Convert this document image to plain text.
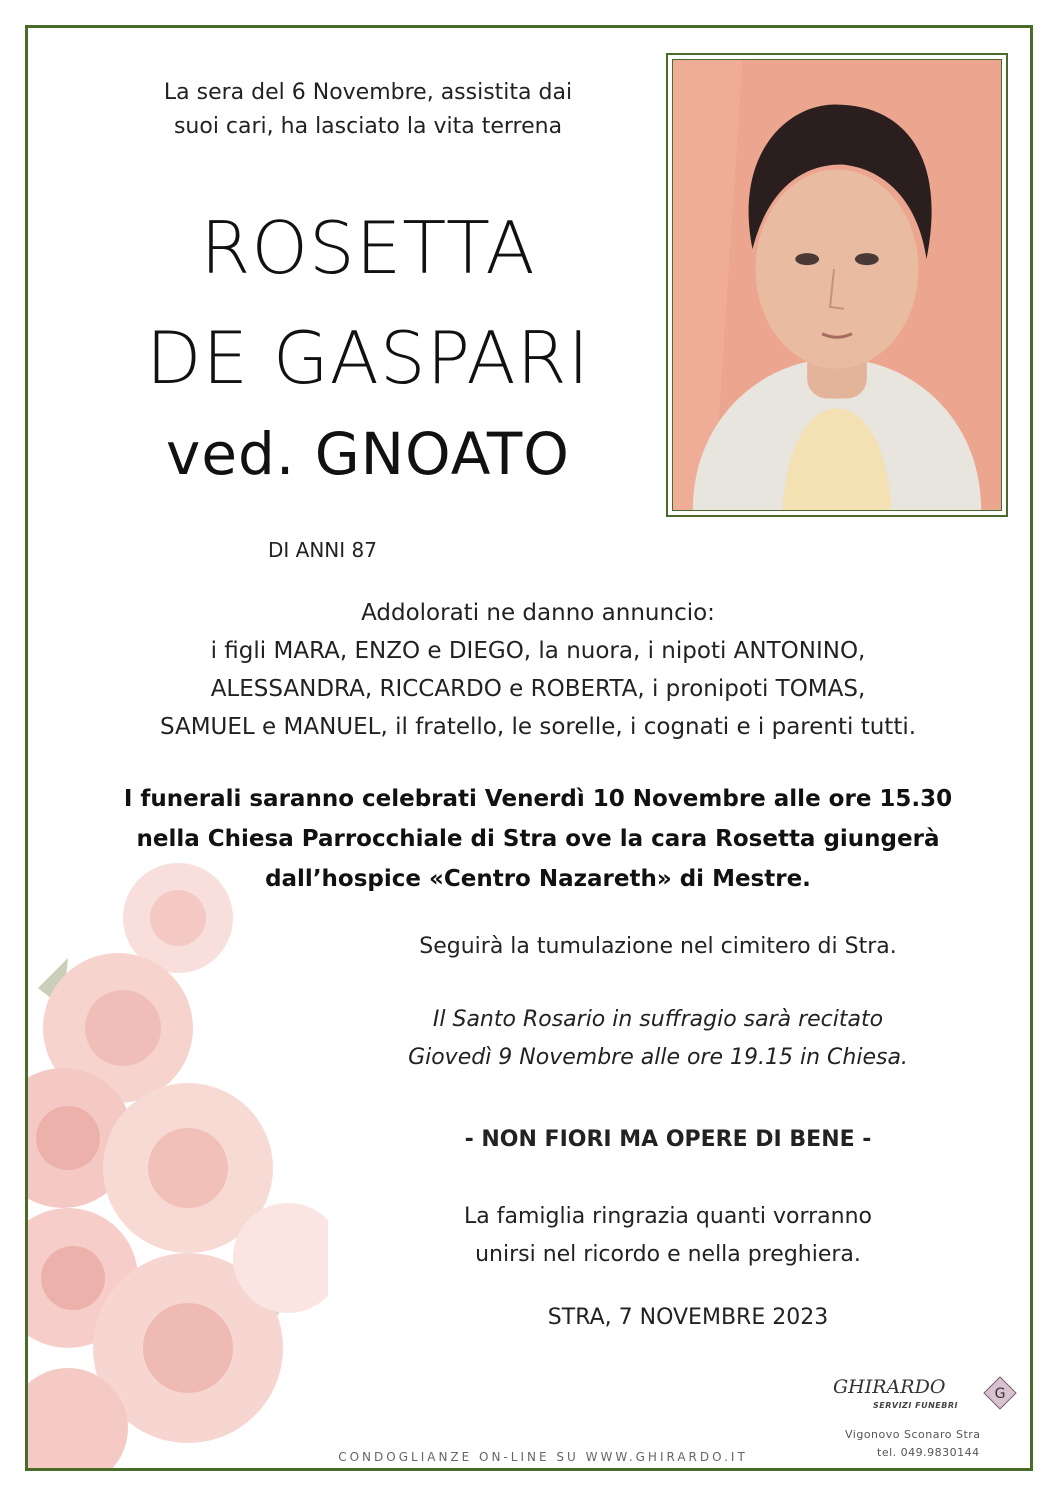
La sera del 6 Novembre, assistita dai
suoi cari, ha lasciato la vita terrena
ROSETTA
DE GASPARI
ved. GNOATO
DI ANNI 87
Addolorati ne danno annuncio:
i figli MARA, ENZO e DIEGO, la nuora, i nipoti ANTONINO,
ALESSANDRA, RICCARDO e ROBERTA, i pronipoti TOMAS,
SAMUEL e MANUEL, il fratello, le sorelle, i cognati e i parenti tutti.
I funerali saranno celebrati Venerdì 10 Novembre alle ore 15.30
nella Chiesa Parrocchiale di Stra ove la cara Rosetta giungerà
dall’hospice «Centro Nazareth» di Mestre.
Seguirà la tumulazione nel cimitero di Stra.
Il Santo Rosario in suffragio sarà recitato
Giovedì 9 Novembre alle ore 19.15 in Chiesa.
- NON FIORI MA OPERE DI BENE -
La famiglia ringrazia quanti vorranno
unirsi nel ricordo e nella preghiera.
STRA, 7 NOVEMBRE 2023
CONDOGLIANZE ON-LINE SU WWW.GHIRARDO.IT
GHIRARDO
SERVIZI FUNEBRI
G
Vigonovo Sconaro Stra
tel. 049.9830144
